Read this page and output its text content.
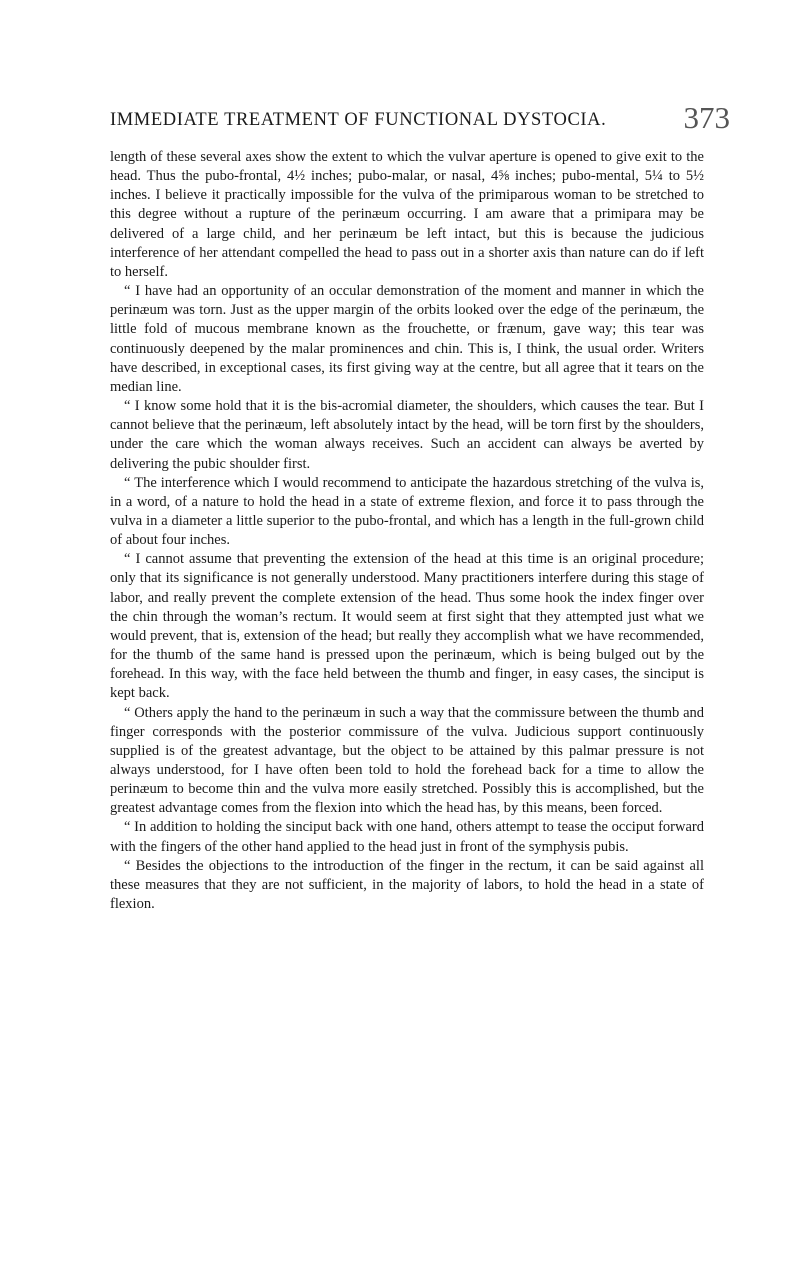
IMMEDIATE TREATMENT OF FUNCTIONAL DYSTOCIA. 373

length of these several axes show the extent to which the vulvar aperture is opened to give exit to the head. Thus the pubo-frontal, 4½ inches; pubo-malar, or nasal, 4⅝ inches; pubo-mental, 5¼ to 5½ inches. I believe it practically impossible for the vulva of the primiparous woman to be stretched to this degree without a rupture of the perinæum occurring. I am aware that a primipara may be delivered of a large child, and her perinæum be left intact, but this is because the judicious interference of her attendant compelled the head to pass out in a shorter axis than nature can do if left to herself.

“ I have had an opportunity of an occular demonstration of the moment and manner in which the perinæum was torn. Just as the upper margin of the orbits looked over the edge of the perinæum, the little fold of mucous membrane known as the frouchette, or frænum, gave way; this tear was continuously deepened by the malar prominences and chin. This is, I think, the usual order. Writers have described, in exceptional cases, its first giving way at the centre, but all agree that it tears on the median line.

“ I know some hold that it is the bis-acromial diameter, the shoulders, which causes the tear. But I cannot believe that the perinæum, left absolutely intact by the head, will be torn first by the shoulders, under the care which the woman always receives. Such an accident can always be averted by delivering the pubic shoulder first.

“ The interference which I would recommend to anticipate the hazardous stretching of the vulva is, in a word, of a nature to hold the head in a state of extreme flexion, and force it to pass through the vulva in a diameter a little superior to the pubo-frontal, and which has a length in the full-grown child of about four inches.

“ I cannot assume that preventing the extension of the head at this time is an original procedure; only that its significance is not generally understood. Many practitioners interfere during this stage of labor, and really prevent the complete extension of the head. Thus some hook the index finger over the chin through the woman’s rectum. It would seem at first sight that they attempted just what we would prevent, that is, extension of the head; but really they accomplish what we have recommended, for the thumb of the same hand is pressed upon the perinæum, which is being bulged out by the forehead. In this way, with the face held between the thumb and finger, in easy cases, the sinciput is kept back.

“ Others apply the hand to the perinæum in such a way that the commissure between the thumb and finger corresponds with the posterior commissure of the vulva. Judicious support continuously supplied is of the greatest advantage, but the object to be attained by this palmar pressure is not always understood, for I have often been told to hold the forehead back for a time to allow the perinæum to become thin and the vulva more easily stretched. Possibly this is accomplished, but the greatest advantage comes from the flexion into which the head has, by this means, been forced.

“ In addition to holding the sinciput back with one hand, others attempt to tease the occiput forward with the fingers of the other hand applied to the head just in front of the symphysis pubis.

“ Besides the objections to the introduction of the finger in the rectum, it can be said against all these measures that they are not sufficient, in the majority of labors, to hold the head in a state of flexion.
